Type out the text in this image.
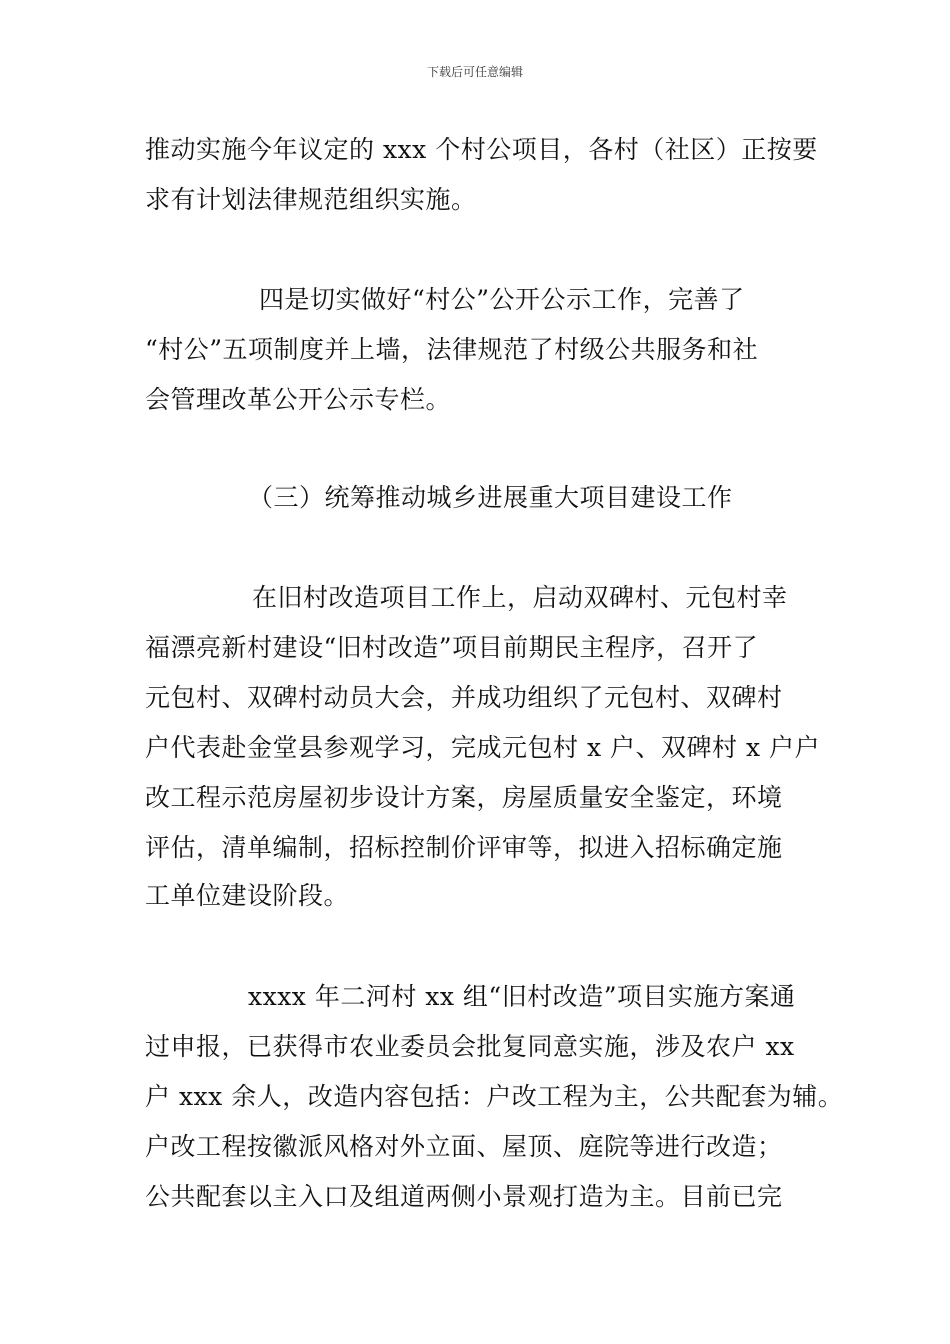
下载后可任意编辑
推动实施今年议定的 xxx 个村公项目，各村（社区）正按要
求有计划法律规范组织实施。
四是切实做好“村公”公开公示工作，完善了
“村公”五项制度并上墙，法律规范了村级公共服务和社
会管理改革公开公示专栏。
（三）统筹推动城乡进展重大项目建设工作
在旧村改造项目工作上，启动双碑村、元包村幸
福漂亮新村建设“旧村改造”项目前期民主程序，召开了
元包村、双碑村动员大会，并成功组织了元包村、双碑村
户代表赴金堂县参观学习，完成元包村 x 户、双碑村 x 户户
改工程示范房屋初步设计方案，房屋质量安全鉴定，环境
评估，清单编制，招标控制价评审等，拟进入招标确定施
工单位建设阶段。
xxxx 年二河村 xx 组“旧村改造”项目实施方案通
过申报，已获得市农业委员会批复同意实施，涉及农户 xx
户 xxx 余人，改造内容包括：户改工程为主，公共配套为辅。
户改工程按徽派风格对外立面、屋顶、庭院等进行改造；
公共配套以主入口及组道两侧小景观打造为主。目前已完
